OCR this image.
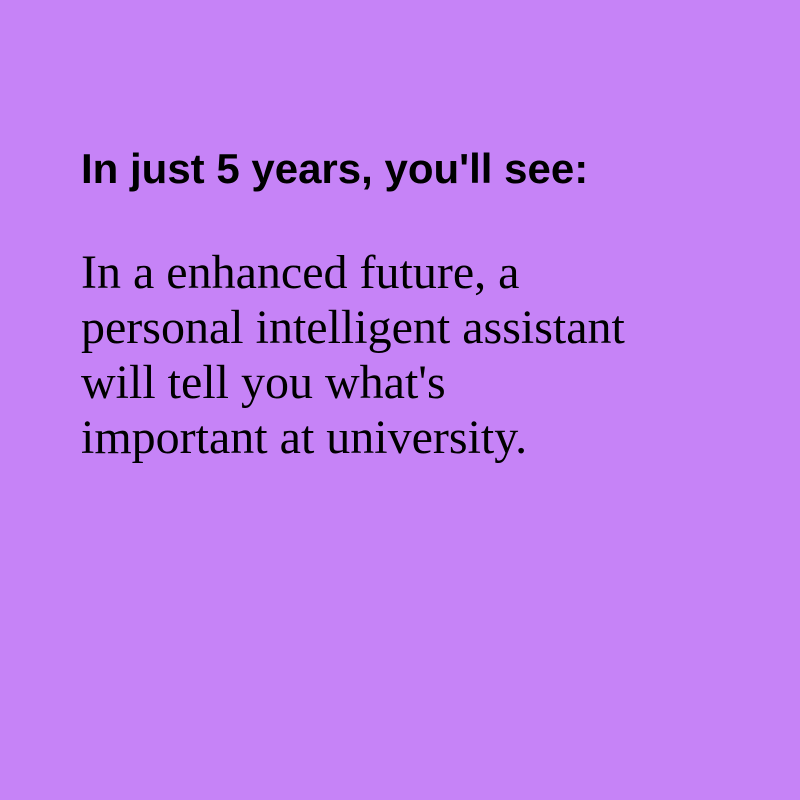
In just 5 years, you'll see:

In a enhanced future, a personal intelligent assistant will tell you what's important at university.
